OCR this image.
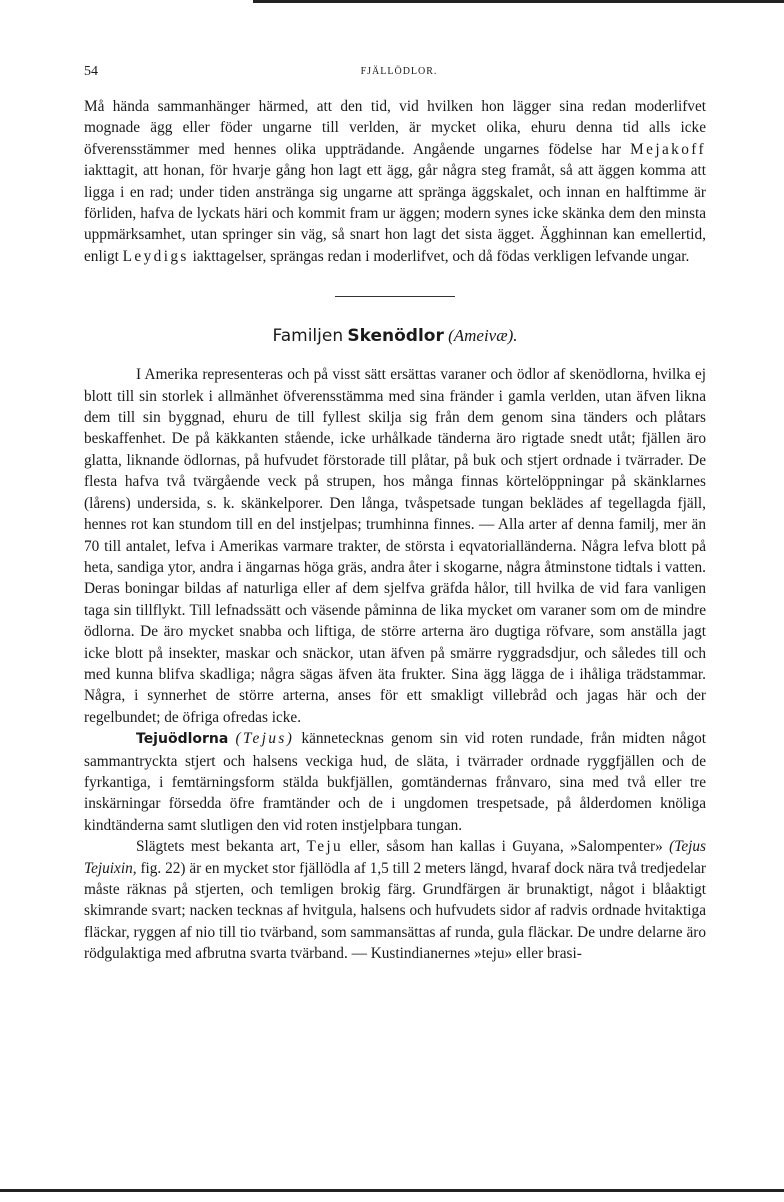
54	FJÄLLÖDLOR.

Må hända sammanhänger härmed, att den tid, vid hvilken hon lägger sina redan moderlifvet mognade ägg eller föder ungarne till verlden, är mycket olika, ehuru denna tid alls icke öfverensstämmer med hennes olika uppträdande. Angående ungarnes födelse har Mejakoff iakttagit, att honan, för hvarje gång hon lagt ett ägg, går några steg framåt, så att äggen komma att ligga i en rad; under tiden anstränga sig ungarne att spränga äggskalet, och innan en halftimme är förliden, hafva de lyckats häri och kommit fram ur äggen; modern synes icke skänka dem den minsta uppmärksamhet, utan springer sin väg, så snart hon lagt det sista ägget. Ägghinnan kan emellertid, enligt Leydigs iakttagelser, sprängas redan i moderlifvet, och då födas verkligen lefvande ungar.

Familjen Skenödlor (Ameivæ).

I Amerika representeras och på visst sätt ersättas varaner och ödlor af skenödlorna, hvilka ej blott till sin storlek i allmänhet öfverensstämma med sina fränder i gamla verlden, utan äfven likna dem till sin byggnad, ehuru de till fyllest skilja sig från dem genom sina tänders och plåtars beskaffenhet. De på käkkanten stående, icke urhålkade tänderna äro rigtade snedt utåt; fjällen äro glatta, liknande ödlornas, på hufvudet förstorade till plåtar, på buk och stjert ordnade i tvärrader. De flesta hafva två tvärgående veck på strupen, hos många finnas körtelöppningar på skänklarnes (lårens) undersida, s. k. skänkelporer. Den långa, tvåspetsade tungan beklädes af tegellagda fjäll, hennes rot kan stundom till en del instjelpas; trumhinna finnes. — Alla arter af denna familj, mer än 70 till antalet, lefva i Amerikas varmare trakter, de största i eqvatorialländerna. Några lefva blott på heta, sandiga ytor, andra i ängarnas höga gräs, andra åter i skogarne, några åtminstone tidtals i vatten. Deras boningar bildas af naturliga eller af dem sjelfva gräfda hålor, till hvilka de vid fara vanligen taga sin tillflykt. Till lefnadssätt och väsende påminna de lika mycket om varaner som om de mindre ödlorna. De äro mycket snabba och liftiga, de större arterna äro dugtiga röfvare, som anställa jagt icke blott på insekter, maskar och snäckor, utan äfven på smärre ryggradsdjur, och således till och med kunna blifva skadliga; några sägas äfven äta frukter. Sina ägg lägga de i ihåliga trädstammar. Några, i synnerhet de större arterna, anses för ett smakligt villebråd och jagas här och der regelbundet; de öfriga ofredas icke.

Tejuödlorna (Tejus) kännetecknas genom sin vid roten rundade, från midten något sammantryckta stjert och halsens veckiga hud, de släta, i tvärrader ordnade ryggfjällen och de fyrkantiga, i femtärningsform stälda bukfjällen, gomtändernas frånvaro, sina med två eller tre inskärningar försedda öfre framtänder och de i ungdomen trespetsade, på ålderdomen knöliga kindtänderna samt slutligen den vid roten instjelpbara tungan.

Slägtets mest bekanta art, Teju eller, såsom han kallas i Guyana, »Salompenter» (Tejus Tejuixin, fig. 22) är en mycket stor fjällödla af 1,5 till 2 meters längd, hvaraf dock nära två tredjedelar måste räknas på stjerten, och temligen brokig färg. Grundfärgen är brunaktigt, något i blåaktigt skimrande svart; nacken tecknas af hvitgula, halsens och hufvudets sidor af radvis ordnade hvitaktiga fläckar, ryggen af nio till tio tvärband, som sammansättas af runda, gula fläckar. De undre delarne äro rödgulaktiga med afbrutna svarta tvärband. — Kustindianernes »teju» eller brasi-
